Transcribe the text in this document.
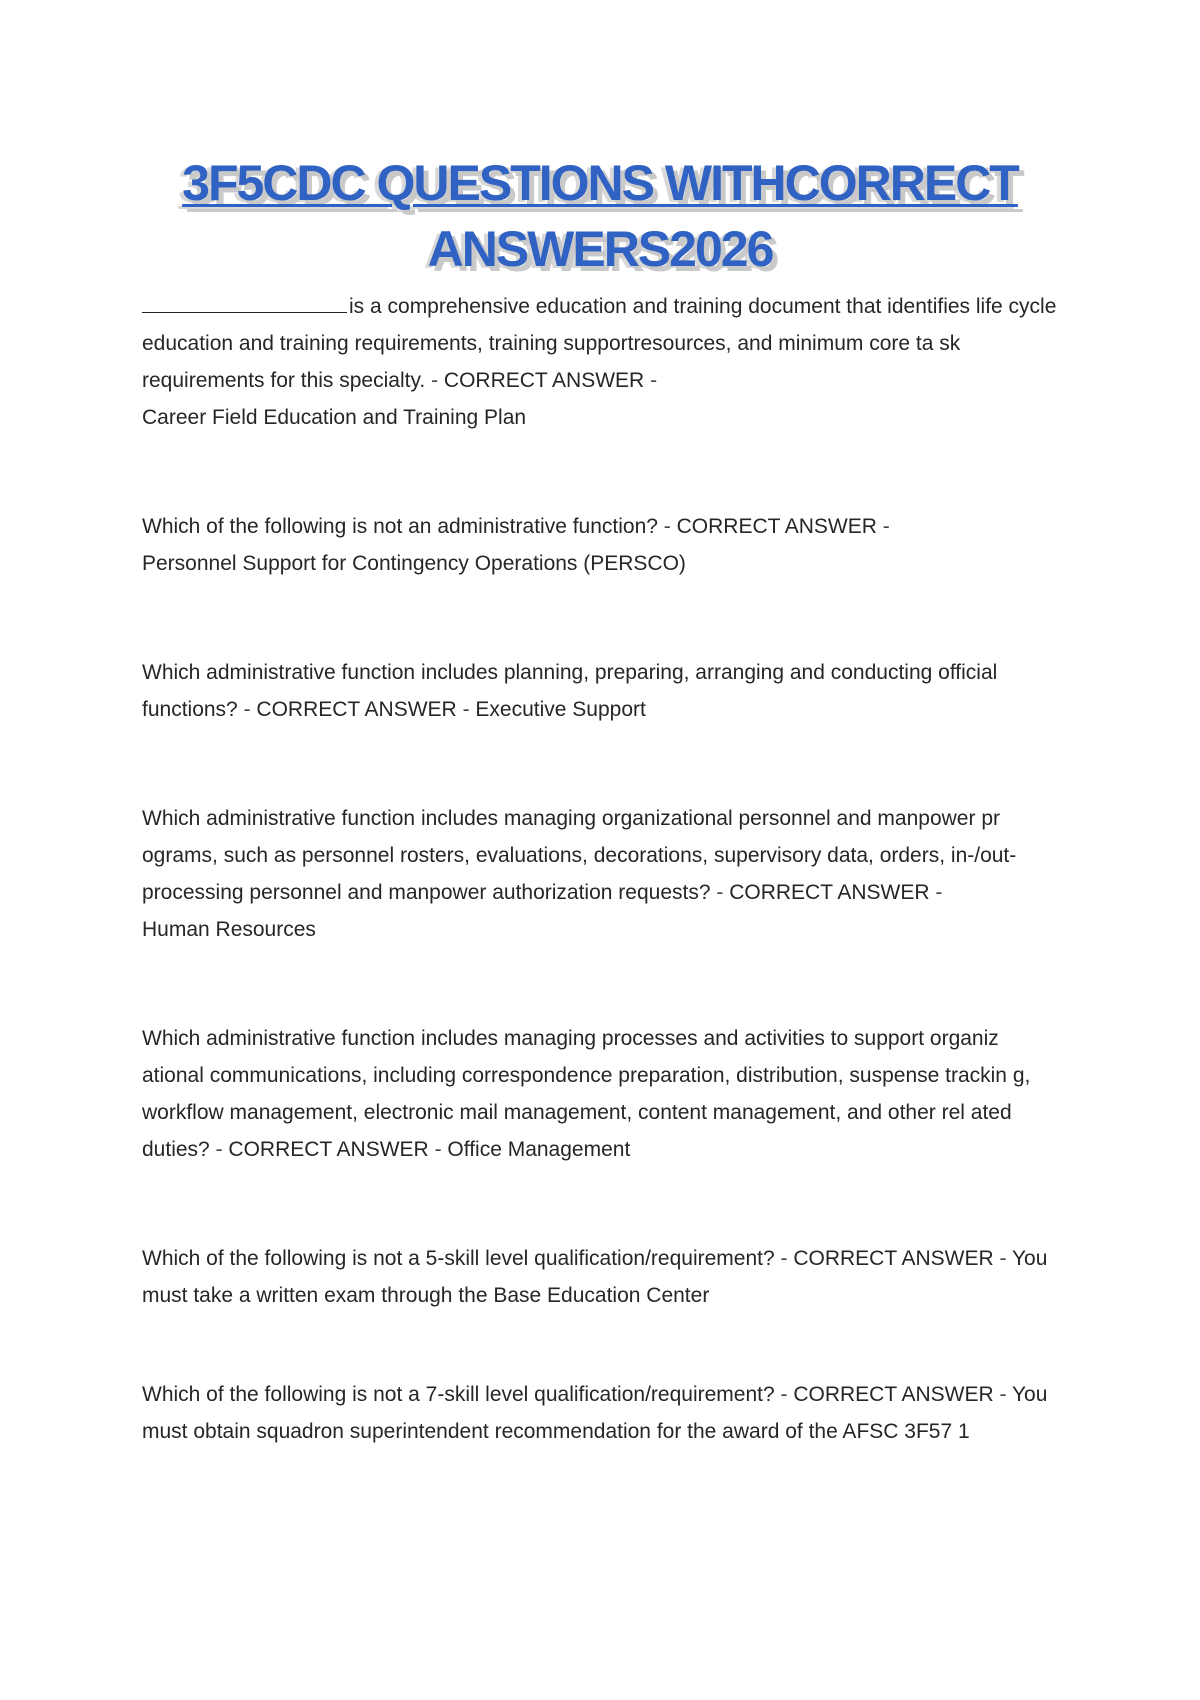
3F5CDC QUESTIONS WITHCORRECT
ANSWERS2026

is a comprehensive education and training document that identifies life cycle education and training requirements, training supportresources, and minimum core ta sk requirements for this specialty. - CORRECT ANSWER -

Career Field Education and Training Plan

Which of the following is not an administrative function? - CORRECT ANSWER -

Personnel Support for Contingency Operations (PERSCO)

Which administrative function includes planning, preparing, arranging and conducting official functions? - CORRECT ANSWER - Executive Support

Which administrative function includes managing organizational personnel and manpower pr ograms, such as personnel rosters, evaluations, decorations, supervisory data, orders, in-/out-processing personnel and manpower authorization requests? - CORRECT ANSWER -

Human Resources

Which administrative function includes managing processes and activities to support organiz ational communications, including correspondence preparation, distribution, suspense trackin g, workflow management, electronic mail management, content management, and other rel ated duties? - CORRECT ANSWER - Office Management

Which of the following is not a 5-skill level qualification/requirement? - CORRECT ANSWER - You must take a written exam through the Base Education Center

Which of the following is not a 7-skill level qualification/requirement? - CORRECT ANSWER - You must obtain squadron superintendent recommendation for the award of the AFSC 3F57 1
